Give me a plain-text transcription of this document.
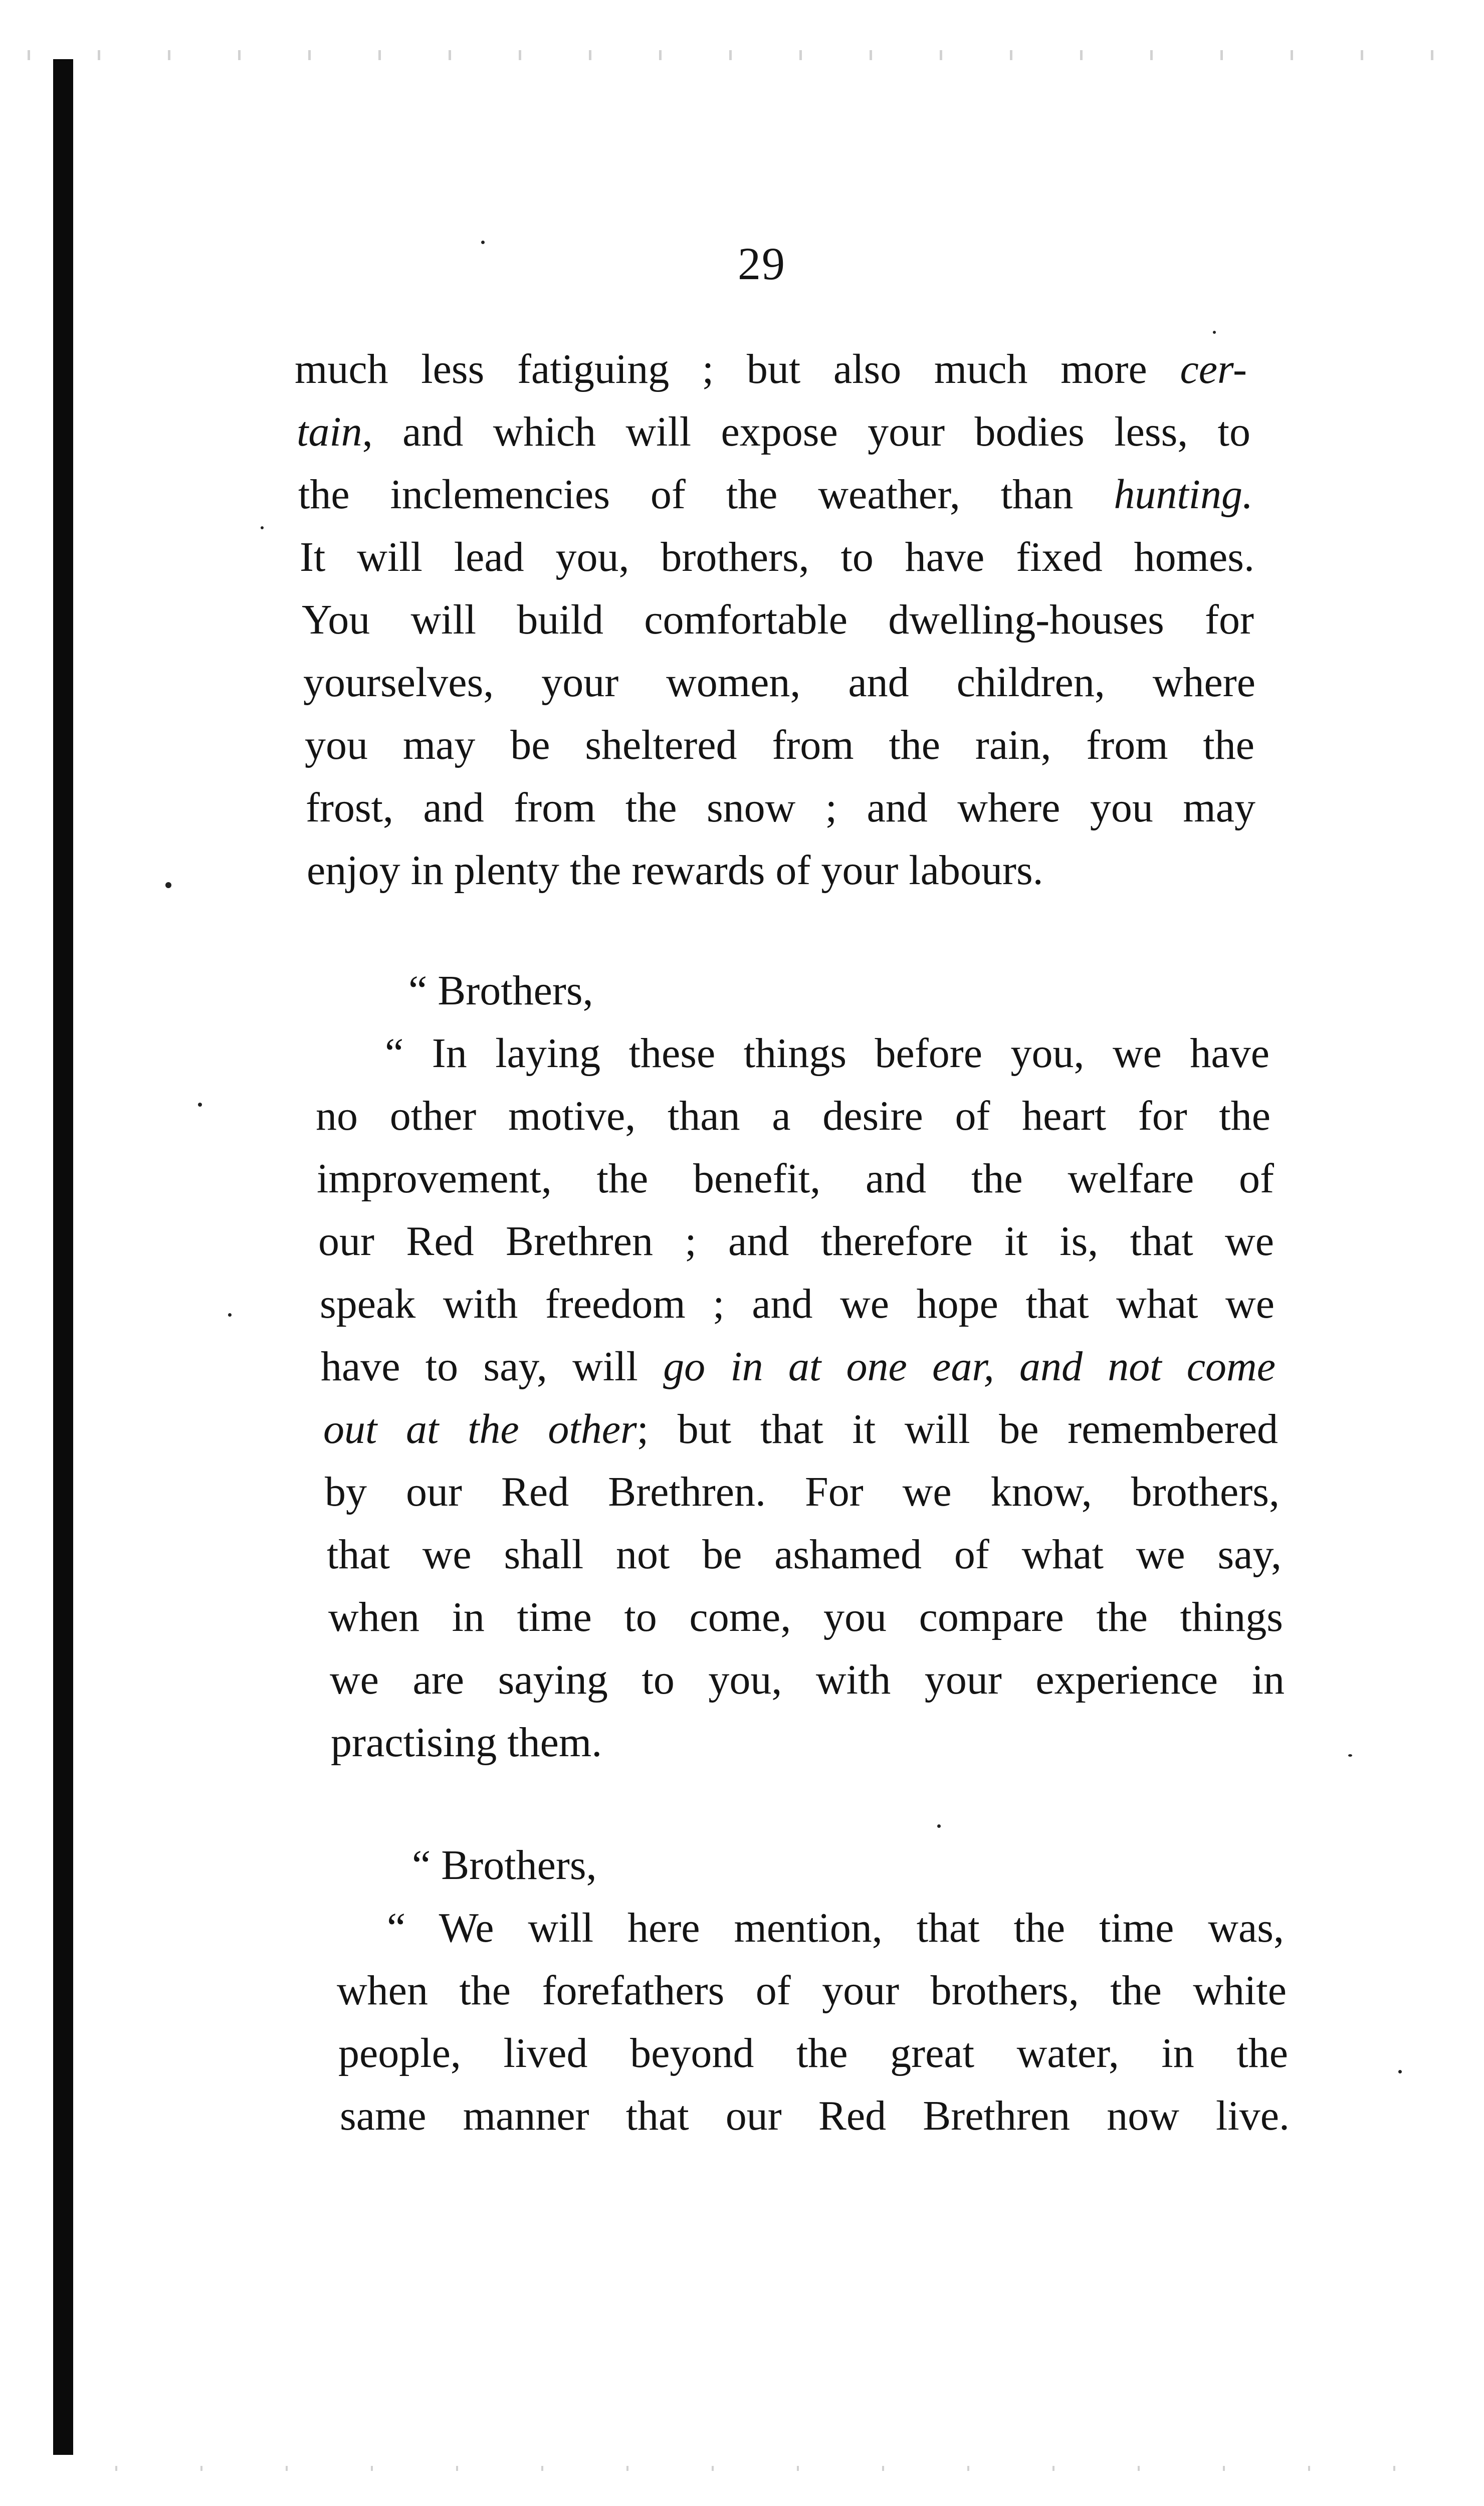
29
much less fatiguing ; but also much more cer-
tain, and which will expose your bodies less, to
the inclemencies of the weather, than hunting.
It will lead you, brothers, to have fixed homes.
You will build comfortable dwelling-houses for
yourselves, your women, and children, where
you may be sheltered from the rain, from the
frost, and from the snow ; and where you may
enjoy in plenty the rewards of your labours.
“ Brothers,
“ In laying these things before you, we have
no other motive, than a desire of heart for the
improvement, the benefit, and the welfare of
our Red Brethren ; and therefore it is, that we
speak with freedom ; and we hope that what we
have to say, will go in at one ear, and not come
out at the other; but that it will be remembered
by our Red Brethren. For we know, brothers,
that we shall not be ashamed of what we say,
when in time to come, you compare the things
we are saying to you, with your experience in
practising them.
“ Brothers,
“ We will here mention, that the time was,
when the forefathers of your brothers, the white
people, lived beyond the great water, in the
same manner that our Red Brethren now live.
